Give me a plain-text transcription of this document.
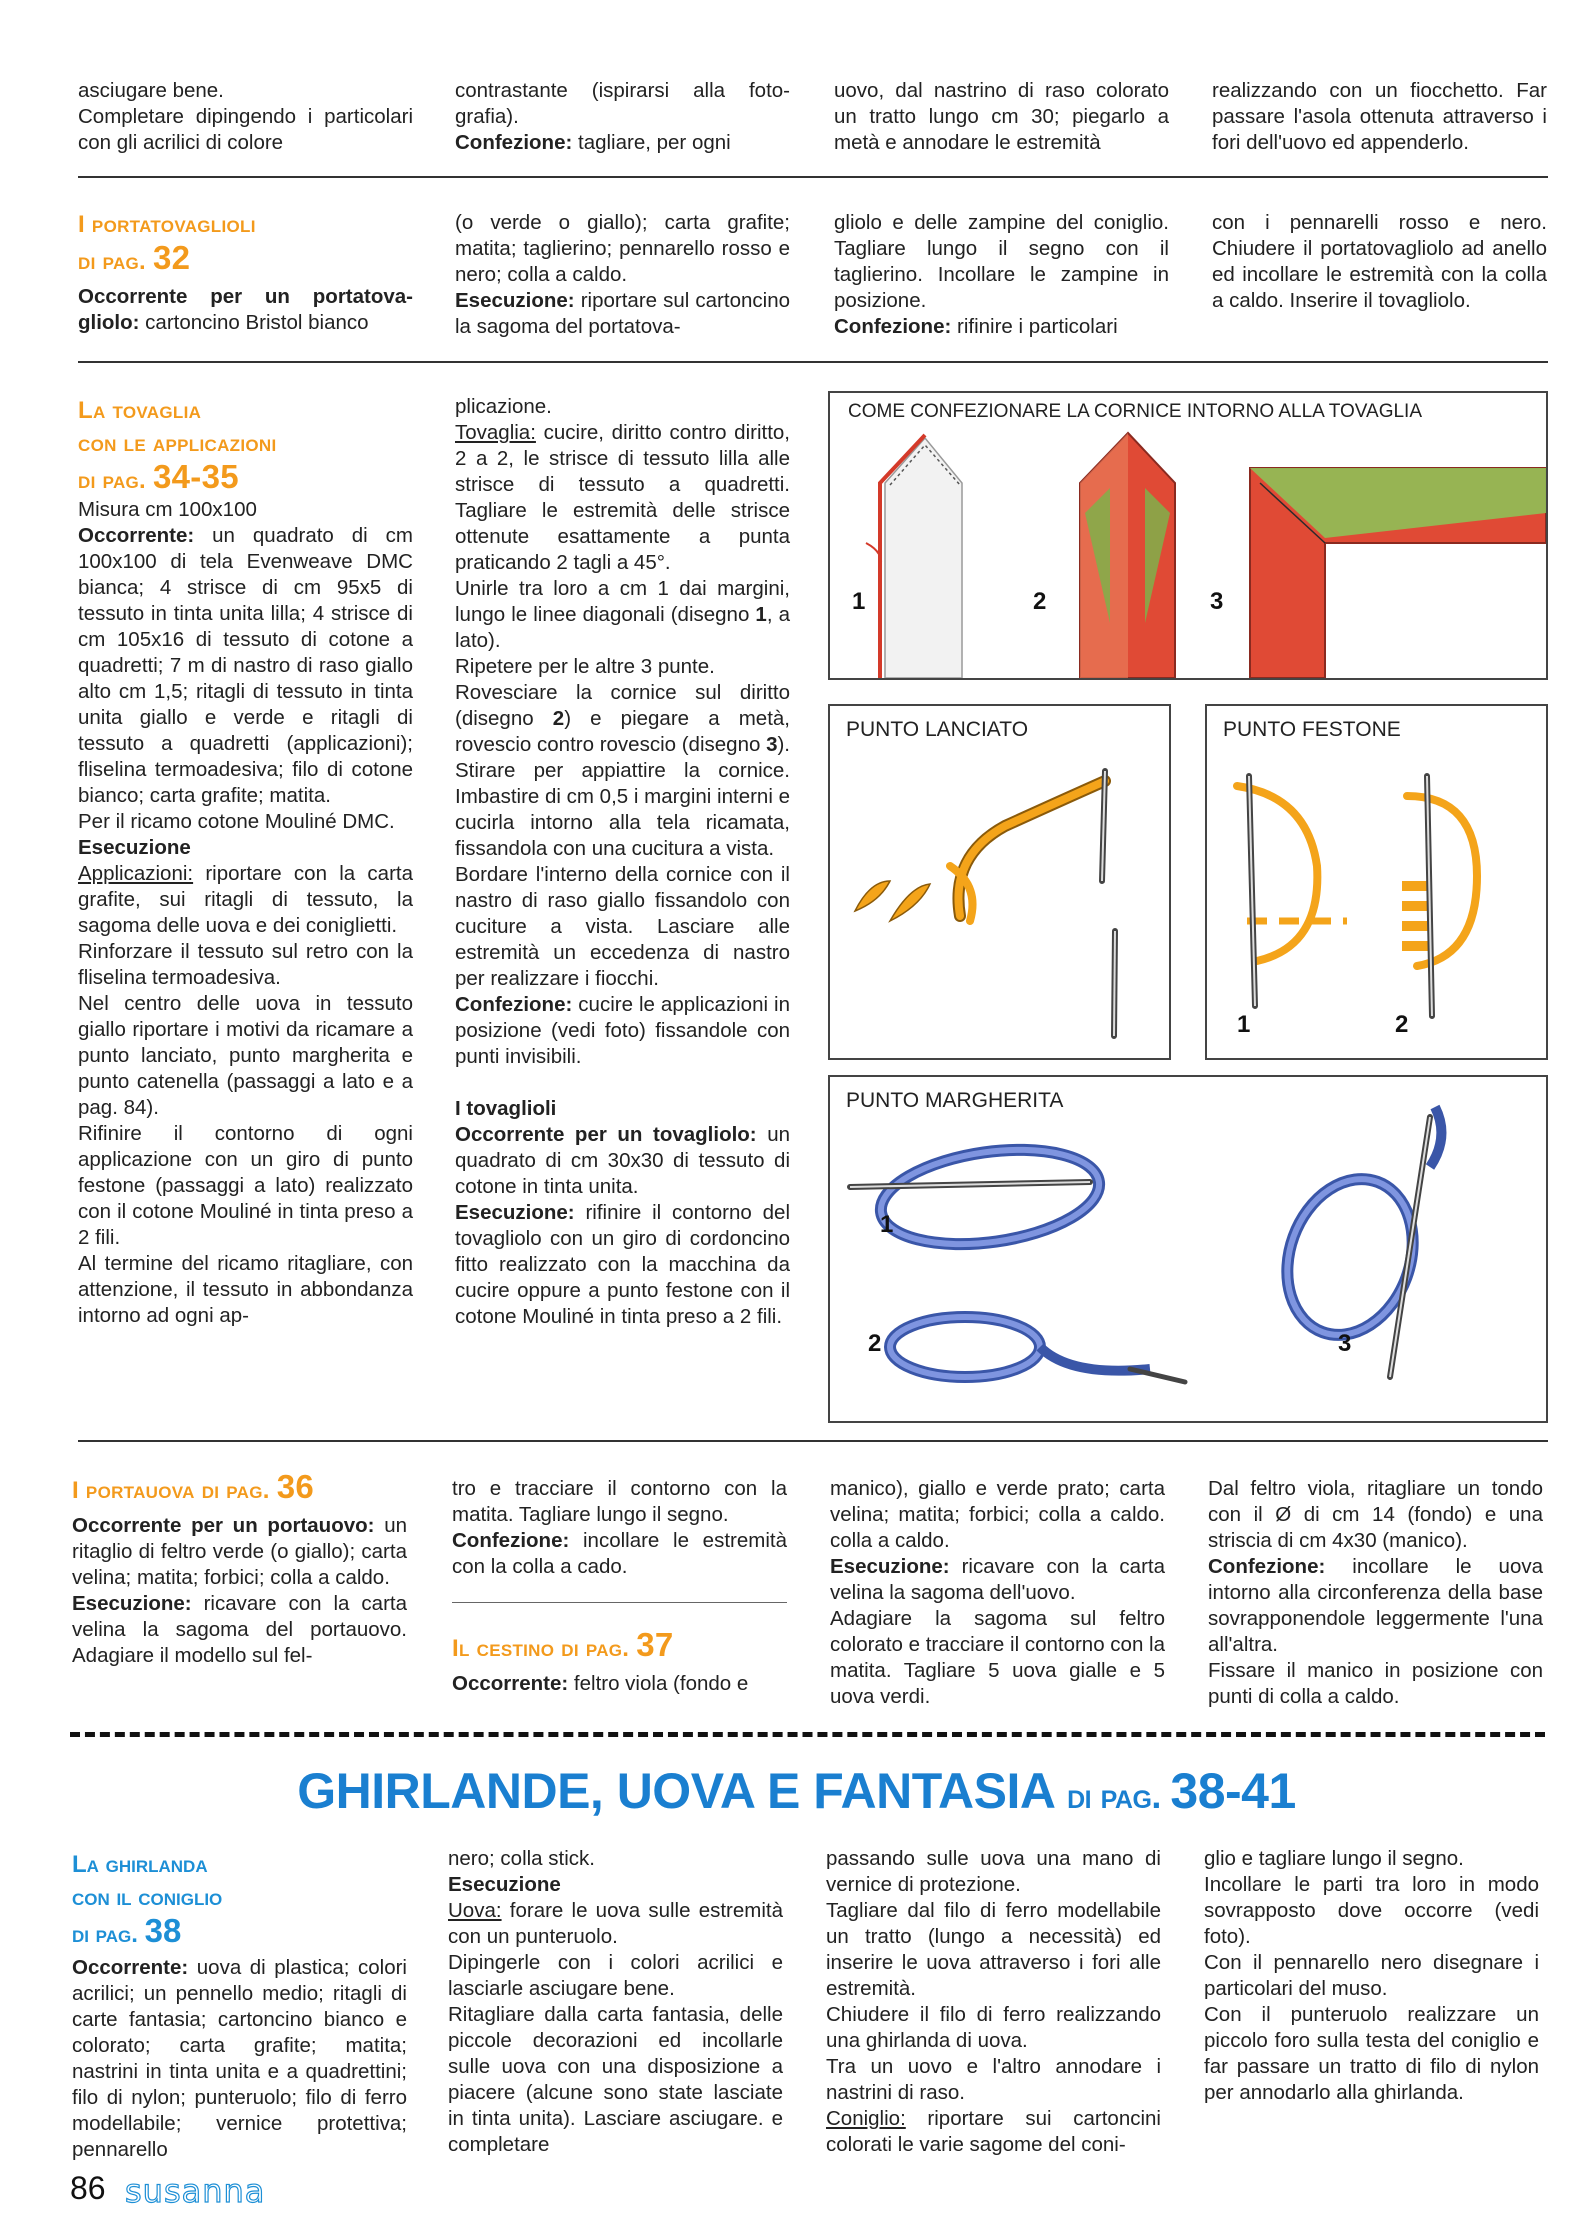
asciugare bene.

Completare dipingendo i particolari con gli acrilici di colore

contrastante (ispirarsi alla foto-grafia).
Confezione: tagliare, per ogni
uovo, dal nastrino di raso colorato un tratto lungo cm 30; piegarlo a metà e annodare le estremità
realizzando con un fiocchetto. Far passare l'asola ottenuta attraverso i fori dell'uovo ed appenderlo.
I portatovaglioli
di pag. 32

Occorrente per un portatova-gliolo: cartoncino Bristol bianco

(o verde o giallo); carta grafite; matita; taglierino; pennarello rosso e nero; colla a caldo.
Esecuzione: riportare sul cartoncino la sagoma del portatova-
gliolo e delle zampine del coniglio. Tagliare lungo il segno con il taglierino. Incollare le zampine in posizione.
Confezione: rifinire i particolari
con i pennarelli rosso e nero. Chiudere il portatovagliolo ad anello ed incollare le estremità con la colla a caldo. Inserire il tovagliolo.
La tovaglia
con le applicazioni
di pag. 34-35

Misura cm 100x100

Occorrente: un quadrato di cm 100x100 di tela Evenweave DMC bianca; 4 strisce di cm 95x5 di tessuto in tinta unita lilla; 4 strisce di cm 105x16 di tessuto di cotone a quadretti; 7 m di nastro di raso giallo alto cm 1,5; ritagli di tessuto in tinta unita giallo e verde e ritagli di tessuto a quadretti (applicazioni); fliselina termoadesiva; filo di cotone bianco; carta grafite; matita.

Per il ricamo cotone Mouliné DMC.

Esecuzione

Applicazioni: riportare con la carta grafite, sui ritagli di tessuto, la sagoma delle uova e dei coniglietti.

Rinforzare il tessuto sul retro con la fliselina termoadesiva.

Nel centro delle uova in tessuto giallo riportare i motivi da ricamare a punto lanciato, punto margherita e punto catenella (passaggi a lato e a pag. 84).

Rifinire il contorno di ogni applicazione con un giro di punto festone (passaggi a lato) realizzato con il cotone Mouliné in tinta preso a 2 fili.

Al termine del ricamo ritagliare, con attenzione, il tessuto in abbondanza intorno ad ogni ap-

plicazione.

Tovaglia: cucire, diritto contro diritto, 2 a 2, le strisce di tessuto lilla alle strisce di tessuto a quadretti. Tagliare le estremità delle strisce ottenute esattamente a punta praticando 2 tagli a 45°.

Unirle tra loro a cm 1 dai margini, lungo le linee diagonali (disegno 1, a lato).

Ripetere per le altre 3 punte.

Rovesciare la cornice sul diritto (disegno 2) e piegare a metà, rovescio contro rovescio (disegno 3).

Stirare per appiattire la cornice. Imbastire di cm 0,5 i margini interni e cucirla intorno alla tela ricamata, fissandola con una cucitura a vista.

Bordare l'interno della cornice con il nastro di raso giallo fissandolo con cuciture a vista. Lasciare alle estremità un eccedenza di nastro per realizzare i fiocchi.

Confezione: cucire le applicazioni in posizione (vedi foto) fissandole con punti invisibili.

I tovaglioli

Occorrente per un tovagliolo: un quadrato di cm 30x30 di tessuto di cotone in tinta unita.

Esecuzione: rifinire il contorno del tovagliolo con un giro di cordoncino fitto realizzato con la macchina da cucire oppure a punto festone con il cotone Mouliné in tinta preso a 2 fili.

COME CONFEZIONARE LA CORNICE INTORNO ALLA TOVAGLIA
1	2	3
PUNTO LANCIATO	PUNTO FESTONE
1	2
PUNTO MARGHERITA
1
2	3
I portauova di pag. 36

Occorrente per un portauovo: un ritaglio di feltro verde (o giallo); carta velina; matita; forbici; colla a caldo.

Esecuzione: ricavare con la carta velina la sagoma del portauovo. Adagiare il modello sul fel-

tro e tracciare il contorno con la matita. Tagliare lungo il segno.

Confezione: incollare le estremità con la colla a cado.

Il cestino di pag. 37

Occorrente: feltro viola (fondo e

manico), giallo e verde prato; carta velina; matita; forbici; colla a caldo. colla a caldo.

Esecuzione: ricavare con la carta velina la sagoma dell'uovo.

Adagiare la sagoma sul feltro colorato e tracciare il contorno con la matita. Tagliare 5 uova gialle e 5 uova verdi.

Dal feltro viola, ritagliare un tondo con il Ø di cm 14 (fondo) e una striscia di cm 4x30 (manico).

Confezione: incollare le uova intorno alla circonferenza della base sovrapponendole leggermente l'una all'altra.

Fissare il manico in posizione con punti di colla a caldo.

GHIRLANDE, UOVA E FANTASIA di pag. 38-41
La ghirlanda
con il coniglio
di pag. 38

Occorrente: uova di plastica; colori acrilici; un pennello medio; ritagli di carte fantasia; cartoncino bianco e colorato; carta grafite; matita; nastrini in tinta unita e a quadrettini; filo di nylon; punteruolo; filo di ferro modellabile; vernice protettiva; pennarello

nero; colla stick.

Esecuzione

Uova: forare le uova sulle estremità con un punteruolo.

Dipingerle con i colori acrilici e lasciarle asciugare bene.

Ritagliare dalla carta fantasia, delle piccole decorazioni ed incollarle sulle uova con una disposizione a piacere (alcune sono state lasciate in tinta unita). Lasciare asciugare. e completare

passando sulle uova una mano di vernice di protezione.

Tagliare dal filo di ferro modellabile un tratto (lungo a necessità) ed inserire le uova attraverso i fori alle estremità.

Chiudere il filo di ferro realizzando una ghirlanda di uova.

Tra un uovo e l'altro annodare i nastrini di raso.

Coniglio: riportare sui cartoncini colorati le varie sagome del coni-

glio e tagliare lungo il segno.

Incollare le parti tra loro in modo sovrapposto dove occorre (vedi foto).

Con il pennarello nero disegnare i particolari del muso.

Con il punteruolo realizzare un piccolo foro sulla testa del coniglio e far passare un tratto di filo di nylon per annodarlo alla ghirlanda.

86 susanna
